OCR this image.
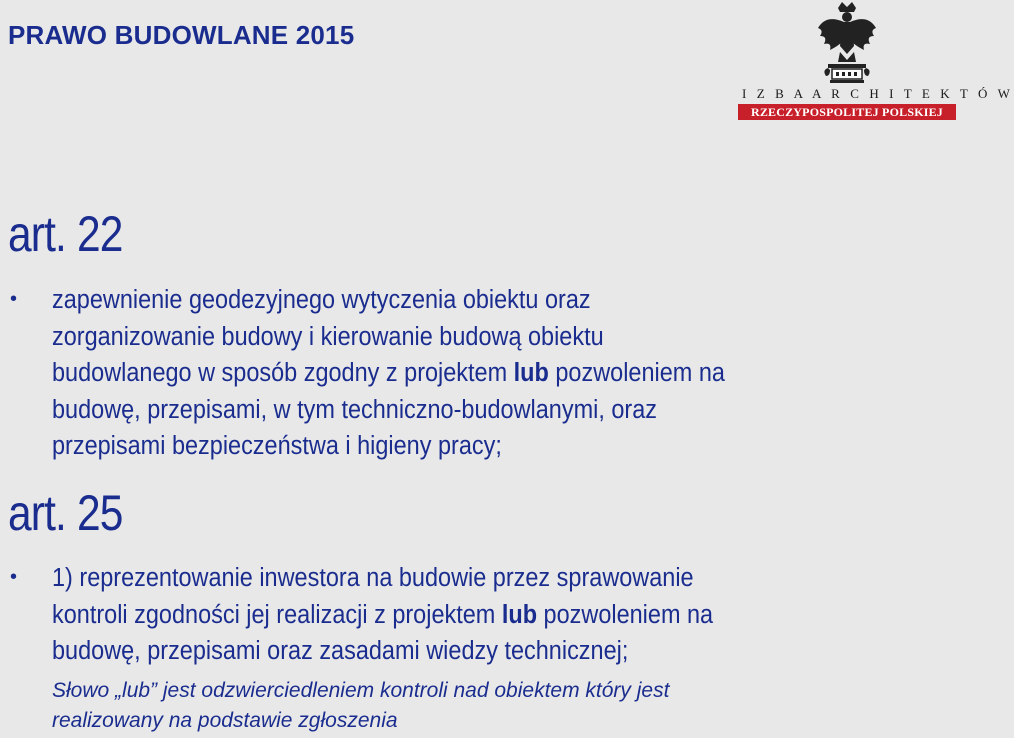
PRAWO BUDOWLANE 2015
I Z B A A R C H I T E K T Ó W
RZECZYPOSPOLITEJ POLSKIEJ
art. 22
• zapewnienie geodezyjnego wytyczenia obiektu oraz
zorganizowanie budowy i kierowanie budową obiektu
budowlanego w sposób zgodny z projektem lub pozwoleniem na
budowę, przepisami, w tym techniczno-budowlanymi, oraz
przepisami bezpieczeństwa i higieny pracy;
art. 25
• 1) reprezentowanie inwestora na budowie przez sprawowanie
kontroli zgodności jej realizacji z projektem lub pozwoleniem na
budowę, przepisami oraz zasadami wiedzy technicznej;
Słowo „lub” jest odzwierciedleniem kontroli nad obiektem który jest
realizowany na podstawie zgłoszenia
